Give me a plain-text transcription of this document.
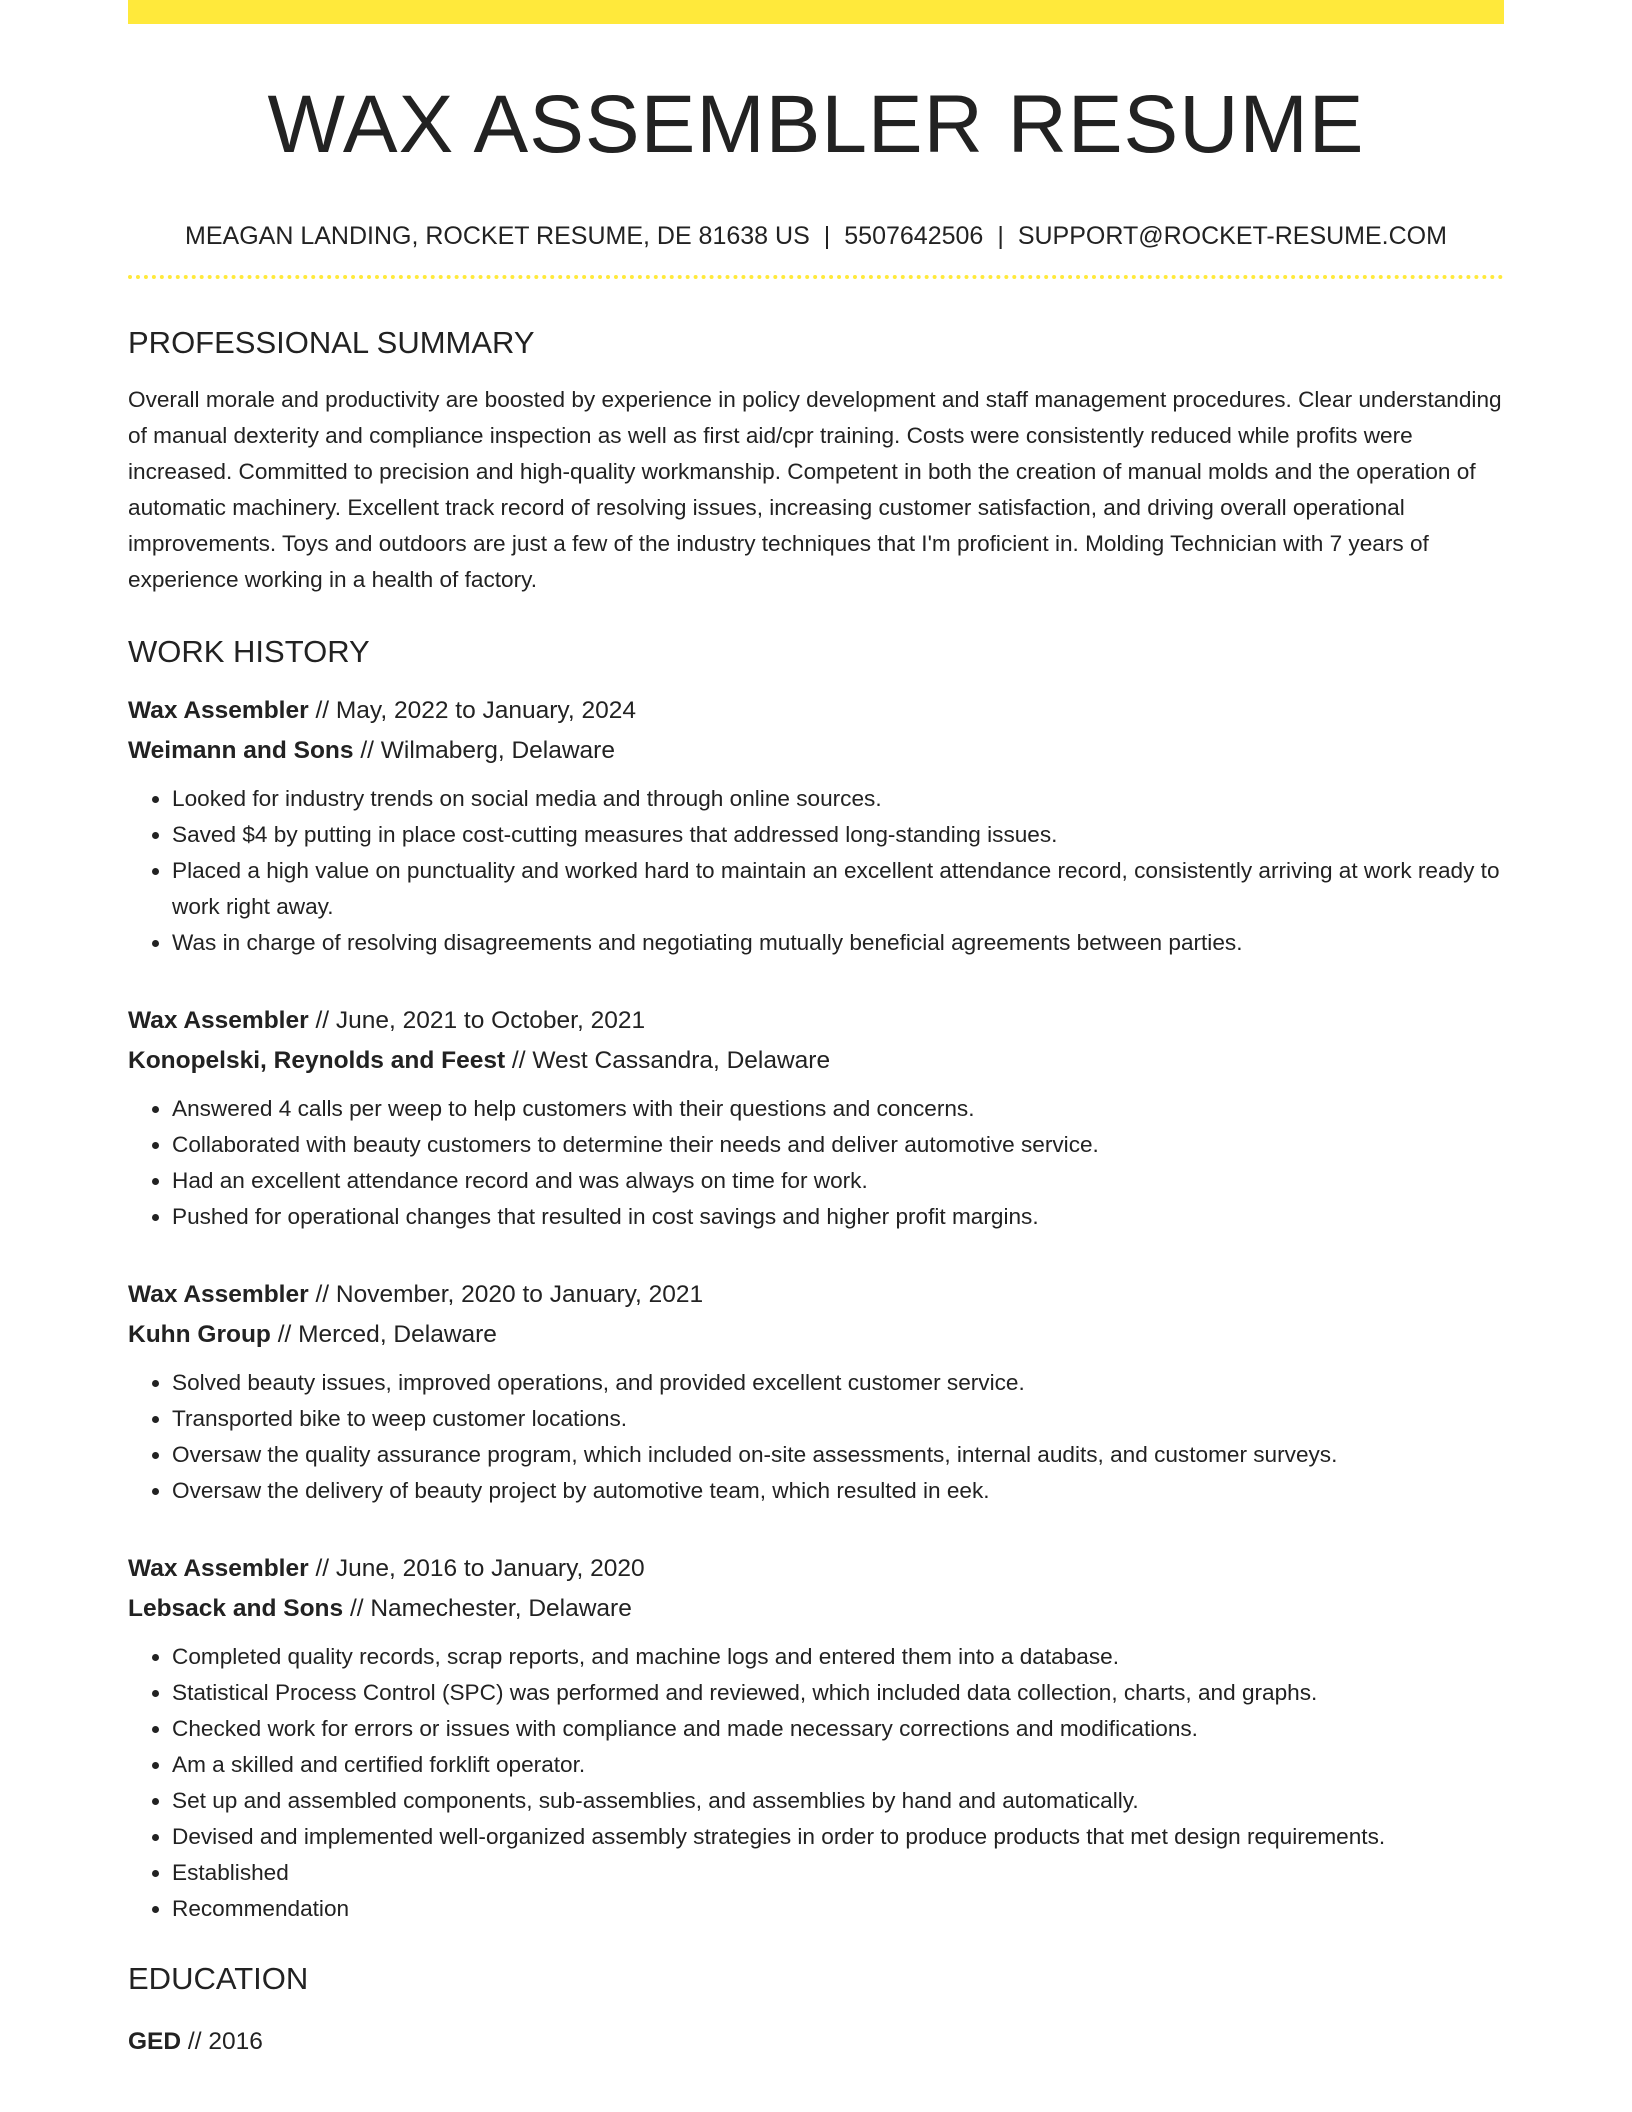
WAX ASSEMBLER RESUME
MEAGAN LANDING, ROCKET RESUME, DE 81638 US | 5507642506 | SUPPORT@ROCKET-RESUME.COM
PROFESSIONAL SUMMARY
Overall morale and productivity are boosted by experience in policy development and staff management procedures. Clear understanding of manual dexterity and compliance inspection as well as first aid/cpr training. Costs were consistently reduced while profits were increased. Committed to precision and high-quality workmanship. Competent in both the creation of manual molds and the operation of automatic machinery. Excellent track record of resolving issues, increasing customer satisfaction, and driving overall operational improvements. Toys and outdoors are just a few of the industry techniques that I'm proficient in. Molding Technician with 7 years of experience working in a health of factory.
WORK HISTORY
Wax Assembler // May, 2022 to January, 2024
Weimann and Sons // Wilmaberg, Delaware
• Looked for industry trends on social media and through online sources.
• Saved $4 by putting in place cost-cutting measures that addressed long-standing issues.
• Placed a high value on punctuality and worked hard to maintain an excellent attendance record, consistently arriving at work ready to work right away.
• Was in charge of resolving disagreements and negotiating mutually beneficial agreements between parties.
Wax Assembler // June, 2021 to October, 2021
Konopelski, Reynolds and Feest // West Cassandra, Delaware
• Answered 4 calls per weep to help customers with their questions and concerns.
• Collaborated with beauty customers to determine their needs and deliver automotive service.
• Had an excellent attendance record and was always on time for work.
• Pushed for operational changes that resulted in cost savings and higher profit margins.
Wax Assembler // November, 2020 to January, 2021
Kuhn Group // Merced, Delaware
• Solved beauty issues, improved operations, and provided excellent customer service.
• Transported bike to weep customer locations.
• Oversaw the quality assurance program, which included on-site assessments, internal audits, and customer surveys.
• Oversaw the delivery of beauty project by automotive team, which resulted in eek.
Wax Assembler // June, 2016 to January, 2020
Lebsack and Sons // Namechester, Delaware
• Completed quality records, scrap reports, and machine logs and entered them into a database.
• Statistical Process Control (SPC) was performed and reviewed, which included data collection, charts, and graphs.
• Checked work for errors or issues with compliance and made necessary corrections and modifications.
• Am a skilled and certified forklift operator.
• Set up and assembled components, sub-assemblies, and assemblies by hand and automatically.
• Devised and implemented well-organized assembly strategies in order to produce products that met design requirements.
• Established
• Recommendation
EDUCATION
GED // 2016
